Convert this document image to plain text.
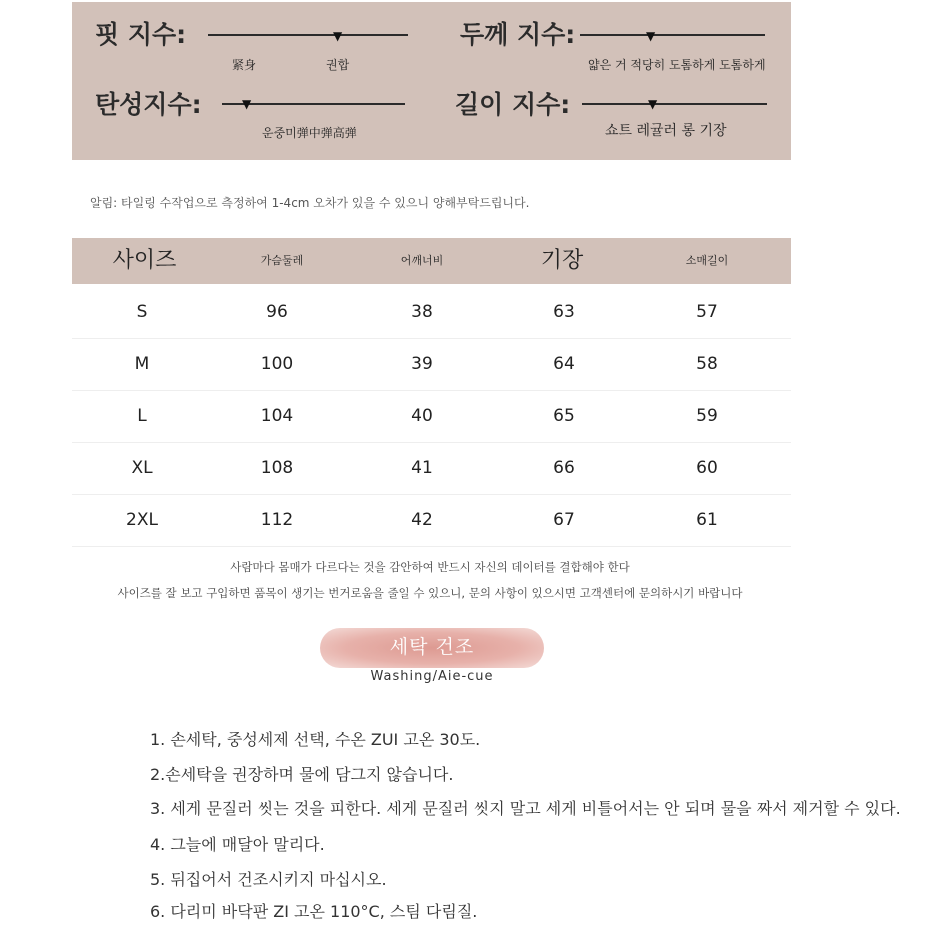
핏 지수:	▼
紧身	권합
두께 지수:	▼
얇은 거 적당히 도톰하게 도톰하게
탄성지수:	▼
운중미弹中弹高弹
길이 지수:	▼
쇼트 레귤러 롱 기장
알림: 타일링 수작업으로 측정하여 1-4cm 오차가 있을 수 있으니 양해부탁드립니다.
사이즈	가슴둘레	어깨너비	기장	소매길이
S	96	38	63	57
M	100	39	64	58
L	104	40	65	59
XL	108	41	66	60
2XL	112	42	67	61
사람마다 몸매가 다르다는 것을 감안하여 반드시 자신의 데이터를 결합해야 한다
사이즈를 잘 보고 구입하면 품목이 생기는 번거로움을 줄일 수 있으니, 문의 사항이 있으시면 고객센터에 문의하시기 바랍니다
세탁 건조
Washing/Aie-cue
1. 손세탁, 중성세제 선택, 수온 ZUI 고온 30도.
2.손세탁을 권장하며 물에 담그지 않습니다.
3. 세게 문질러 씻는 것을 피한다. 세게 문질러 씻지 말고 세게 비틀어서는 안 되며 물을 짜서 제거할 수 있다.
4. 그늘에 매달아 말리다.
5. 뒤집어서 건조시키지 마십시오.
6. 다리미 바닥판 ZI 고온 110°C, 스팀 다림질.
